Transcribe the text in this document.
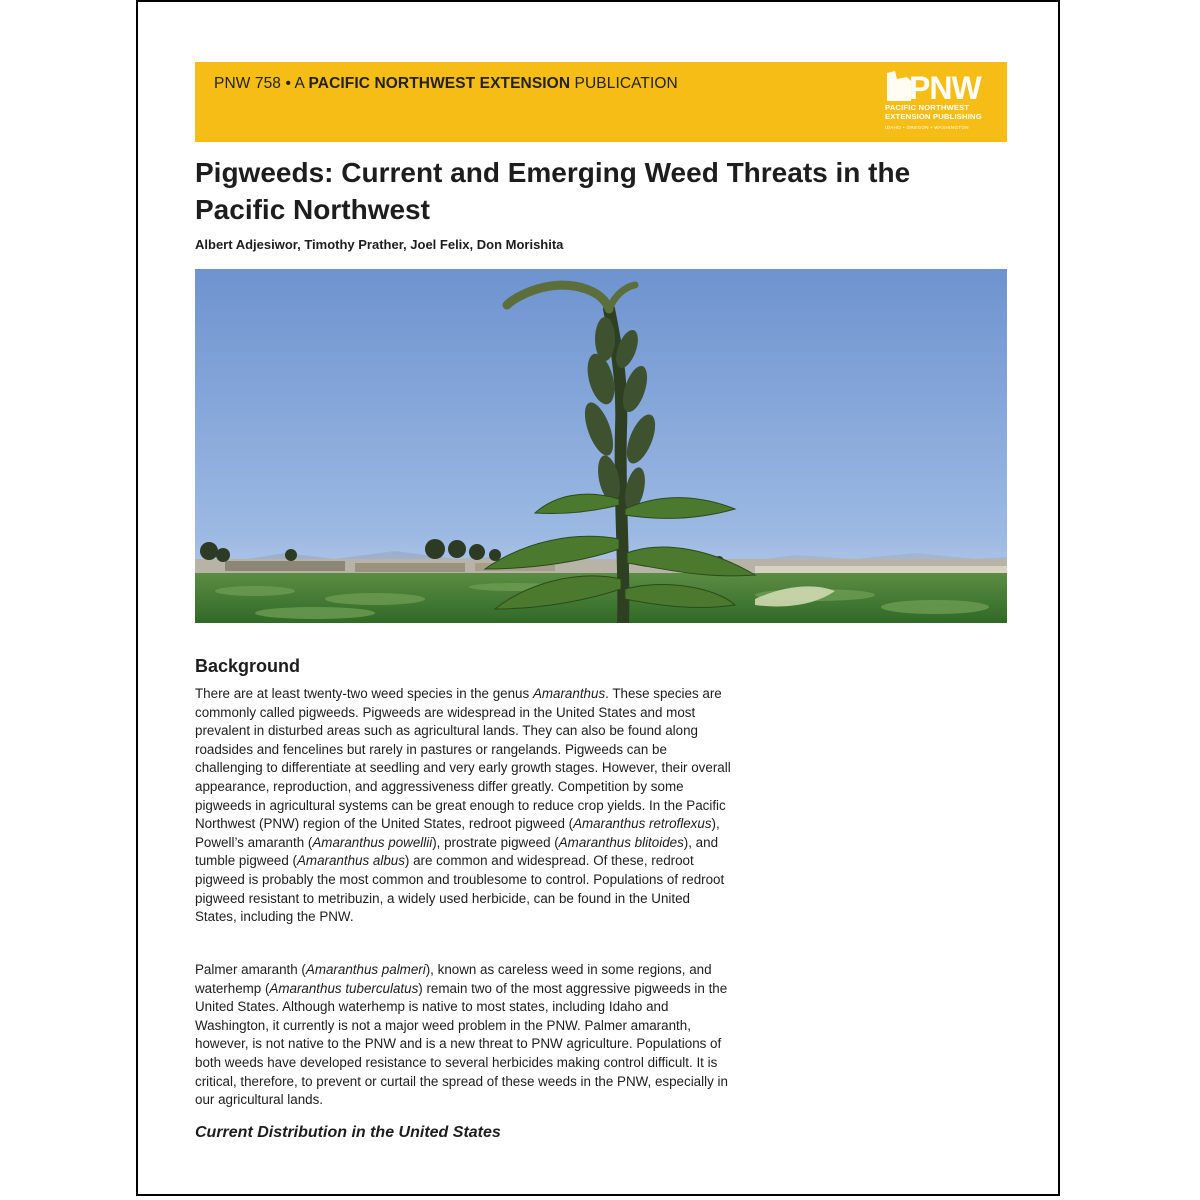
PNW 758 • A PACIFIC NORTHWEST EXTENSION PUBLICATION	PNW
PACIFIC NORTHWEST
EXTENSION PUBLISHING
IDAHO • OREGON • WASHINGTON
Pigweeds: Current and Emerging Weed Threats in the Pacific Northwest

Albert Adjesiwor, Timothy Prather, Joel Felix, Don Morishita

Background

There are at least twenty-two weed species in the genus Amaranthus. These species are commonly called pigweeds. Pigweeds are widespread in the United States and most prevalent in disturbed areas such as agricultural lands. They can also be found along roadsides and fencelines but rarely in pastures or rangelands. Pigweeds can be challenging to differentiate at seedling and very early growth stages. However, their overall appearance, reproduction, and aggressiveness differ greatly. Competition by some pigweeds in agricultural systems can be great enough to reduce crop yields. In the Pacific Northwest (PNW) region of the United States, redroot pigweed (Amaranthus retroflexus), Powell’s amaranth (Amaranthus powellii), prostrate pigweed (Amaranthus blitoides), and tumble pigweed (Amaranthus albus) are common and widespread. Of these, redroot pigweed is probably the most common and troublesome to control. Populations of redroot pigweed resistant to metribuzin, a widely used herbicide, can be found in the United States, including the PNW.

Palmer amaranth (Amaranthus palmeri), known as careless weed in some regions, and waterhemp (Amaranthus tuberculatus) remain two of the most aggressive pigweeds in the United States. Although waterhemp is native to most states, including Idaho and Washington, it currently is not a major weed problem in the PNW. Palmer amaranth, however, is not native to the PNW and is a new threat to PNW agriculture. Populations of both weeds have developed resistance to several herbicides making control difficult. It is critical, therefore, to prevent or curtail the spread of these weeds in the PNW, especially in our agricultural lands.

Current Distribution in the United States
